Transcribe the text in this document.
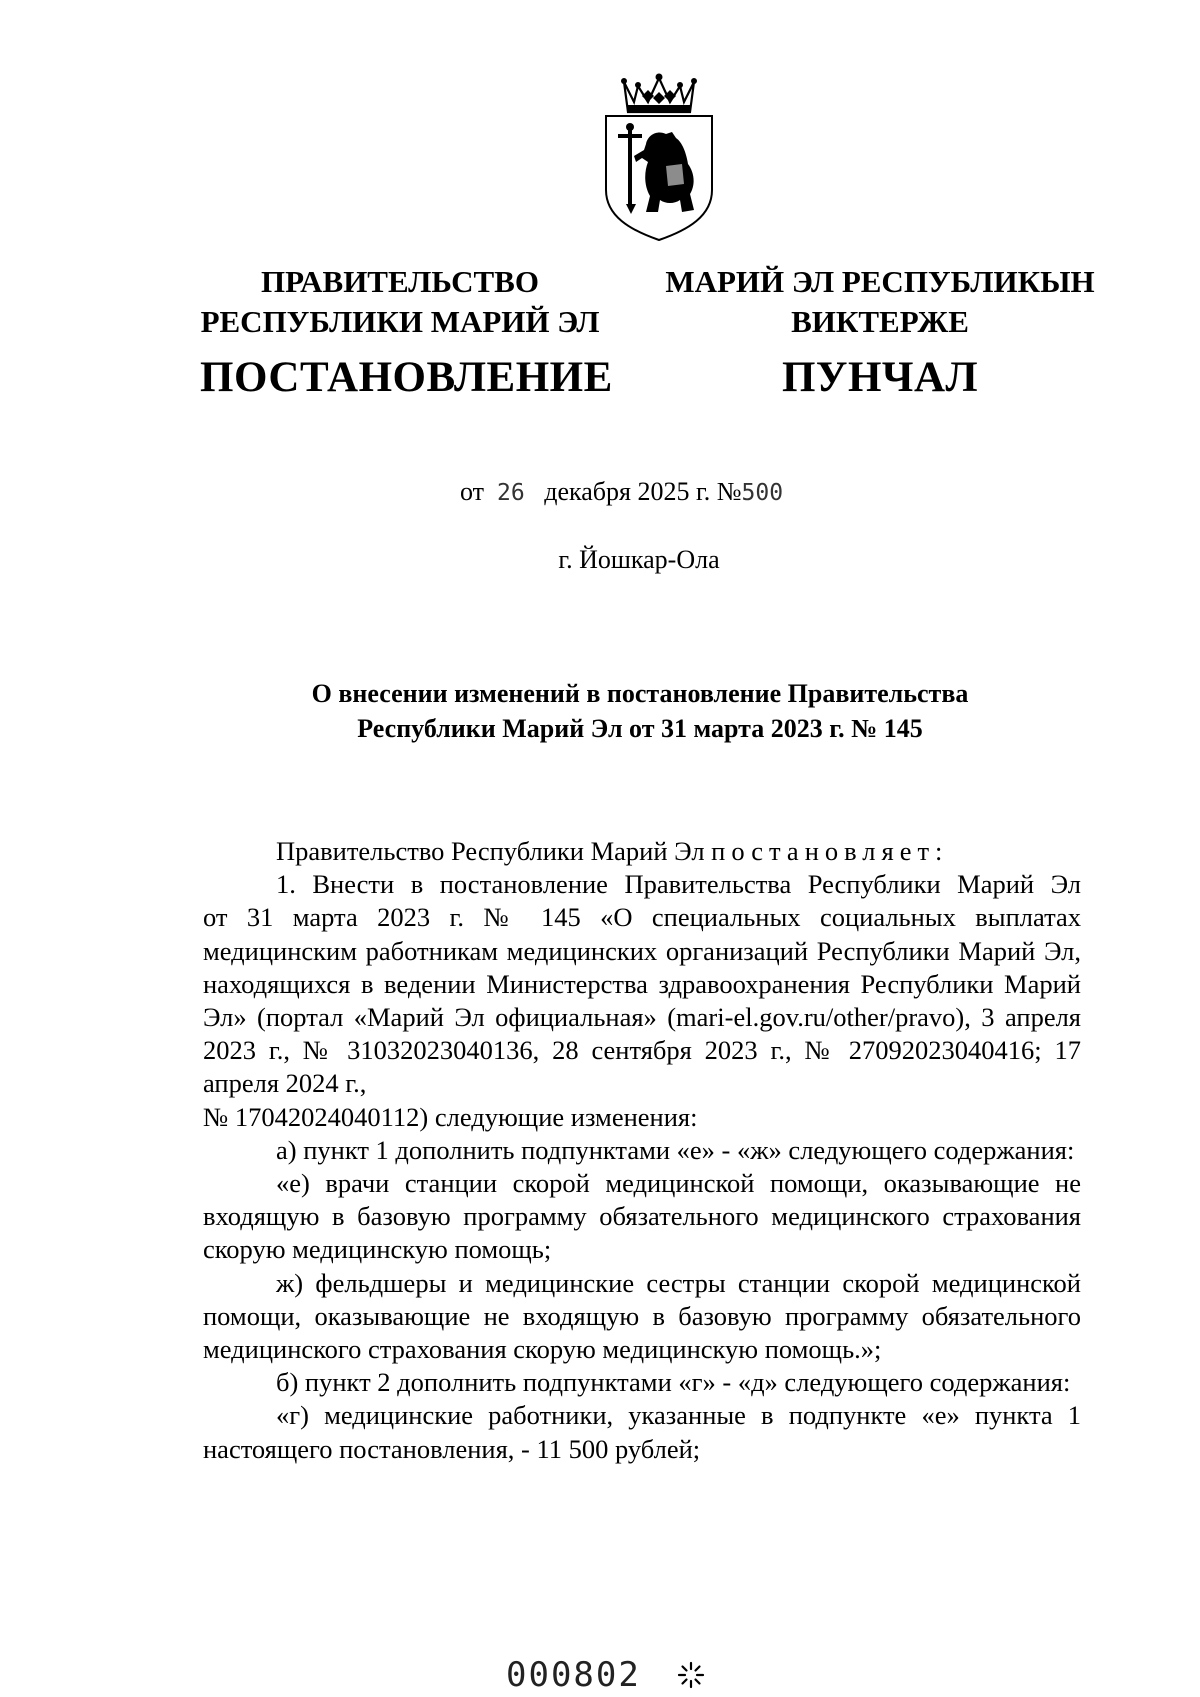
ПРАВИТЕЛЬСТВО
РЕСПУБЛИКИ МАРИЙ ЭЛ
ПОСТАНОВЛЕНИЕ
МАРИЙ ЭЛ РЕСПУБЛИКЫН
ВИКТЕРЖЕ
ПУНЧАЛ
от 26 декабря 2025 г. №500
г. Йошкар-Ола
О внесении изменений в постановление Правительства
Республики Марий Эл от 31 марта 2023 г. № 145

Правительство Республики Марий Эл постановляет:

1. Внести в постановление Правительства Республики Марий Эл

от 31 марта 2023 г. № 145 «О специальных социальных выплатах медицинским работникам медицинских организаций Республики Марий Эл, находящихся в ведении Министерства здравоохранения Республики Марий Эл» (портал «Марий Эл официальная» (mari-el.gov.ru/other/pravo), 3 апреля 2023 г., № 31032023040136, 28 сентября 2023 г., № 27092023040416; 17 апреля 2024 г.,

№ 17042024040112) следующие изменения:

а) пункт 1 дополнить подпунктами «е» - «ж» следующего содержания:

«е) врачи станции скорой медицинской помощи, оказывающие не входящую в базовую программу обязательного медицинского страхования скорую медицинскую помощь;

ж) фельдшеры и медицинские сестры станции скорой медицинской помощи, оказывающие не входящую в базовую программу обязательного медицинского страхования скорую медицинскую помощь.»;

б) пункт 2 дополнить подпунктами «г» - «д» следующего содержания:

«г) медицинские работники, указанные в подпункте «е» пункта 1 настоящего постановления, - 11 500 рублей;

000802
